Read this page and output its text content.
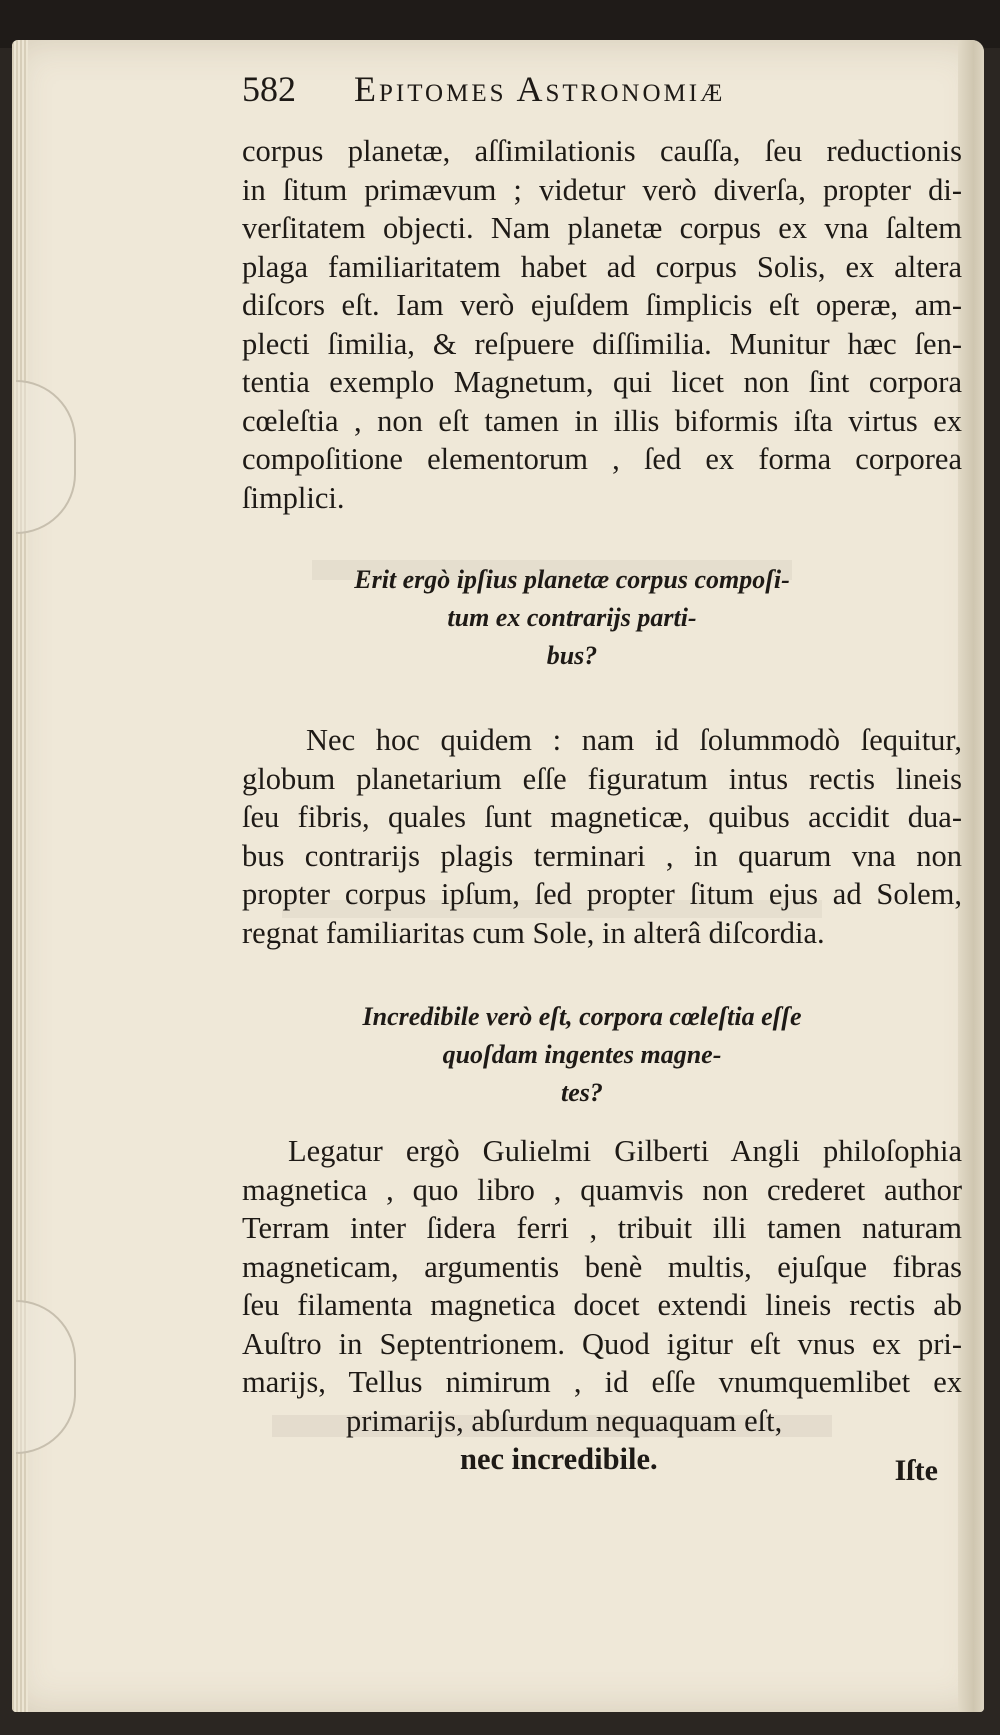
582	Epitomes Astronomiæ
corpus planetæ, aſſimilationis cauſſa, ſeu reductionis
in ſitum primævum ; videtur verò diverſa, propter di-
verſitatem objecti. Nam planetæ corpus ex vna ſaltem
plaga familiaritatem habet ad corpus Solis, ex altera
diſcors eſt. Iam verò ejuſdem ſimplicis eſt operæ, am-
plecti ſimilia, & reſpuere diſſimilia. Munitur hæc ſen-
tentia exemplo Magnetum, qui licet non ſint corpora
cœleſtia , non eſt tamen in illis biformis iſta virtus ex
compoſitione elementorum , ſed ex forma corporea
ſimplici.
Erit ergò ipſius planetæ corpus compoſi-
tum ex contrarijs parti-
bus?
Nec hoc quidem : nam id ſolummodò ſequitur,
globum planetarium eſſe figuratum intus rectis lineis
ſeu fibris, quales ſunt magneticæ, quibus accidit dua-
bus contrarijs plagis terminari , in quarum vna non
propter corpus ipſum, ſed propter ſitum ejus ad Solem,
regnat familiaritas cum Sole, in alterâ diſcordia.
Incredibile verò eſt, corpora cœleſtia eſſe
quoſdam ingentes magne-
tes?
Legatur ergò Gulielmi Gilberti Angli philoſophia
magnetica , quo libro , quamvis non crederet author
Terram inter ſidera ferri , tribuit illi tamen naturam
magneticam, argumentis benè multis, ejuſque fibras
ſeu filamenta magnetica docet extendi lineis rectis ab
Auſtro in Septentrionem. Quod igitur eſt vnus ex pri-
marijs, Tellus nimirum , id eſſe vnumquemlibet ex
primarijs, abſurdum nequaquam eſt,
nec incredibile.	Iſte
